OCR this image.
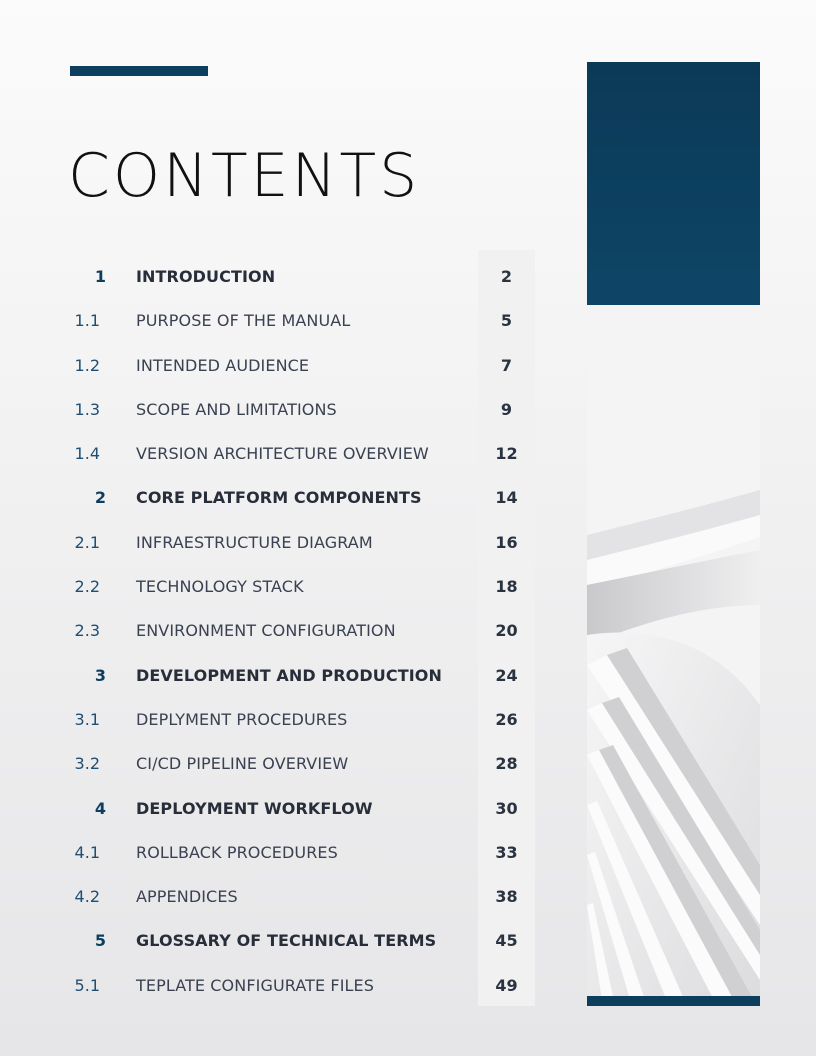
CONTENTS
1 INTRODUCTION	2
1.1 PURPOSE OF THE MANUAL	5
1.2 INTENDED AUDIENCE	7
1.3 SCOPE AND LIMITATIONS	9
1.4 VERSION ARCHITECTURE OVERVIEW	12
2 CORE PLATFORM COMPONENTS	14
2.1 INFRAESTRUCTURE DIAGRAM	16
2.2 TECHNOLOGY STACK	18
2.3 ENVIRONMENT CONFIGURATION	20
3 DEVELOPMENT AND PRODUCTION	24
3.1 DEPLYMENT PROCEDURES	26
3.2 CI/CD PIPELINE OVERVIEW	28
4 DEPLOYMENT WORKFLOW	30
4.1 ROLLBACK PROCEDURES	33
4.2 APPENDICES	38
5 GLOSSARY OF TECHNICAL TERMS	45
5.1 TEPLATE CONFIGURATE FILES	49
